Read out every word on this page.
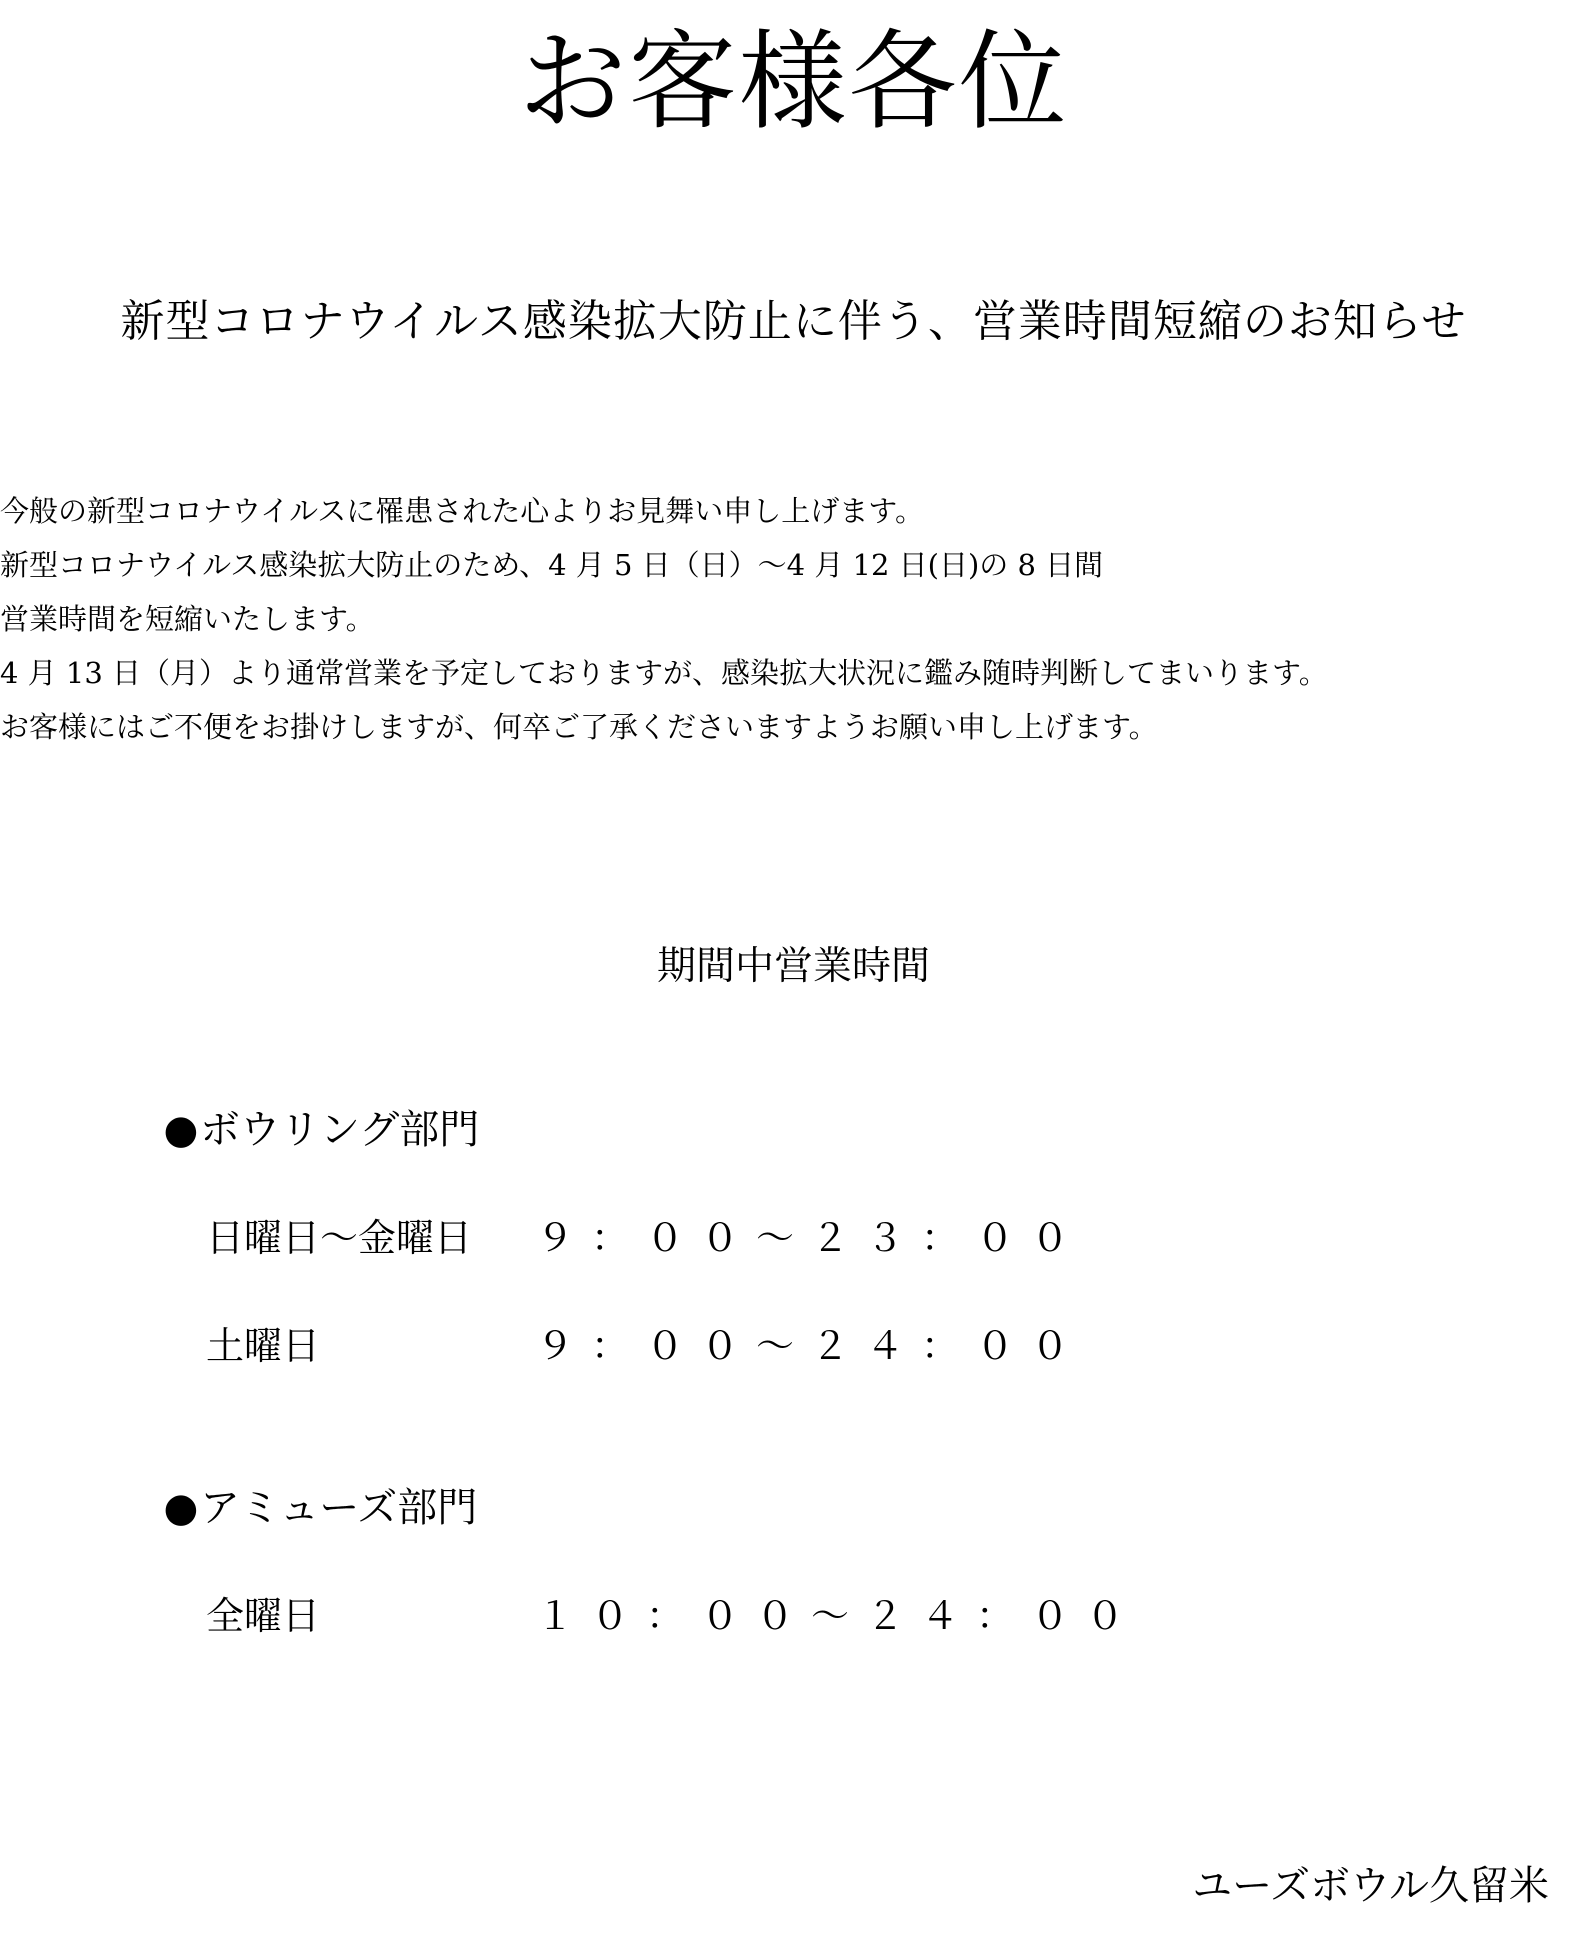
お客様各位
新型コロナウイルス感染拡大防止に伴う、営業時間短縮のお知らせ
今般の新型コロナウイルスに罹患された心よりお見舞い申し上げます。
新型コロナウイルス感染拡大防止のため、4 月 5 日（日）～4 月 12 日(日)の 8 日間
営業時間を短縮いたします。
4 月 13 日（月）より通常営業を予定しておりますが、感染拡大状況に鑑み随時判断してまいります。
お客様にはご不便をお掛けしますが、何卒ご了承くださいますようお願い申し上げます。
期間中営業時間
●ボウリング部門
日曜日～金曜日 ９：００～２３：００
土曜日	９：００～２４：００
●アミューズ部門
全曜日	１０：００～２４：００
ユーズボウル久留米
